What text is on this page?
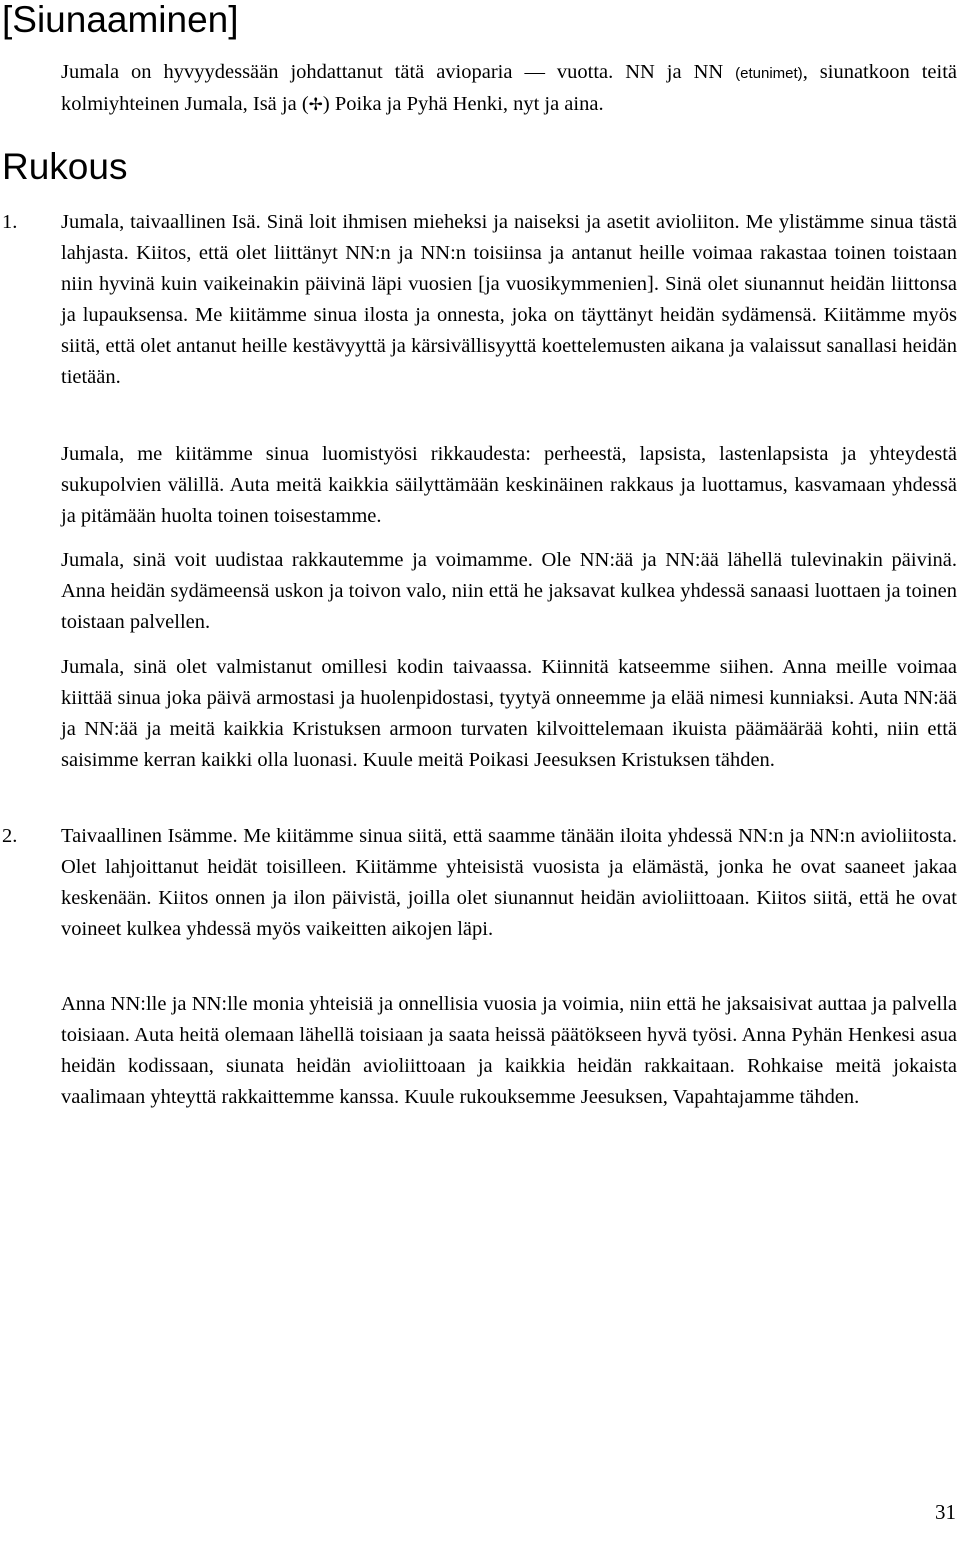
[Siunaaminen]

Jumala on hyvyydessään johdattanut tätä avioparia — vuotta. NN ja NN (etunimet), siunatkoon teitä kolmiyhteinen Jumala, Isä ja (✢) Poika ja Pyhä Henki, nyt ja aina.

Rukous
1. Jumala, taivaallinen Isä. Sinä loit ihmisen mieheksi ja naiseksi ja asetit avioliiton. Me ylistämme sinua tästä lahjasta. Kiitos, että olet liittänyt NN:n ja NN:n toisiinsa ja antanut heille voimaa rakastaa toinen toistaan niin hyvinä kuin vaikeinakin päivinä läpi vuosien [ja vuosikymmenien]. Sinä olet siunannut heidän liittonsa ja lupauksensa. Me kiitämme sinua ilosta ja onnesta, joka on täyttänyt heidän sydämensä. Kiitämme myös siitä, että olet antanut heille kestävyyttä ja kärsivällisyyttä koettelemusten aikana ja valaissut sanallasi heidän tietään.

Jumala, me kiitämme sinua luomistyösi rikkaudesta: perheestä, lapsista, lastenlapsista ja yhteydestä sukupolvien välillä. Auta meitä kaikkia säilyttämään keskinäinen rakkaus ja luottamus, kasvamaan yhdessä ja pitämään huolta toinen toisestamme.

Jumala, sinä voit uudistaa rakkautemme ja voimamme. Ole NN:ää ja NN:ää lähellä tulevinakin päivinä. Anna heidän sydämeensä uskon ja toivon valo, niin että he jaksavat kulkea yhdessä sanaasi luottaen ja toinen toistaan palvellen.

Jumala, sinä olet valmistanut omillesi kodin taivaassa. Kiinnitä katseemme siihen. Anna meille voimaa kiittää sinua joka päivä armostasi ja huolenpidostasi, tyytyä onneemme ja elää nimesi kunniaksi. Auta NN:ää ja NN:ää ja meitä kaikkia Kristuksen armoon turvaten kilvoittelemaan ikuista päämäärää kohti, niin että saisimme kerran kaikki olla luonasi. Kuule meitä Poikasi Jeesuksen Kristuksen tähden.

2. Taivaallinen Isämme. Me kiitämme sinua siitä, että saamme tänään iloita yhdessä NN:n ja NN:n avioliitosta. Olet lahjoittanut heidät toisilleen. Kiitämme yhteisistä vuosista ja elämästä, jonka he ovat saaneet jakaa keskenään. Kiitos onnen ja ilon päivistä, joilla olet siunannut heidän avioliittoaan. Kiitos siitä, että he ovat voineet kulkea yhdessä myös vaikeitten aikojen läpi.

Anna NN:lle ja NN:lle monia yhteisiä ja onnellisia vuosia ja voimia, niin että he jaksaisivat auttaa ja palvella toisiaan. Auta heitä olemaan lähellä toisiaan ja saata heissä päätökseen hyvä työsi. Anna Pyhän Henkesi asua heidän kodissaan, siunata heidän avioliittoaan ja kaikkia heidän rakkaitaan. Rohkaise meitä jokaista vaalimaan yhteyttä rakkaittemme kanssa. Kuule rukouksemme Jeesuksen, Vapahtajamme tähden.

31
